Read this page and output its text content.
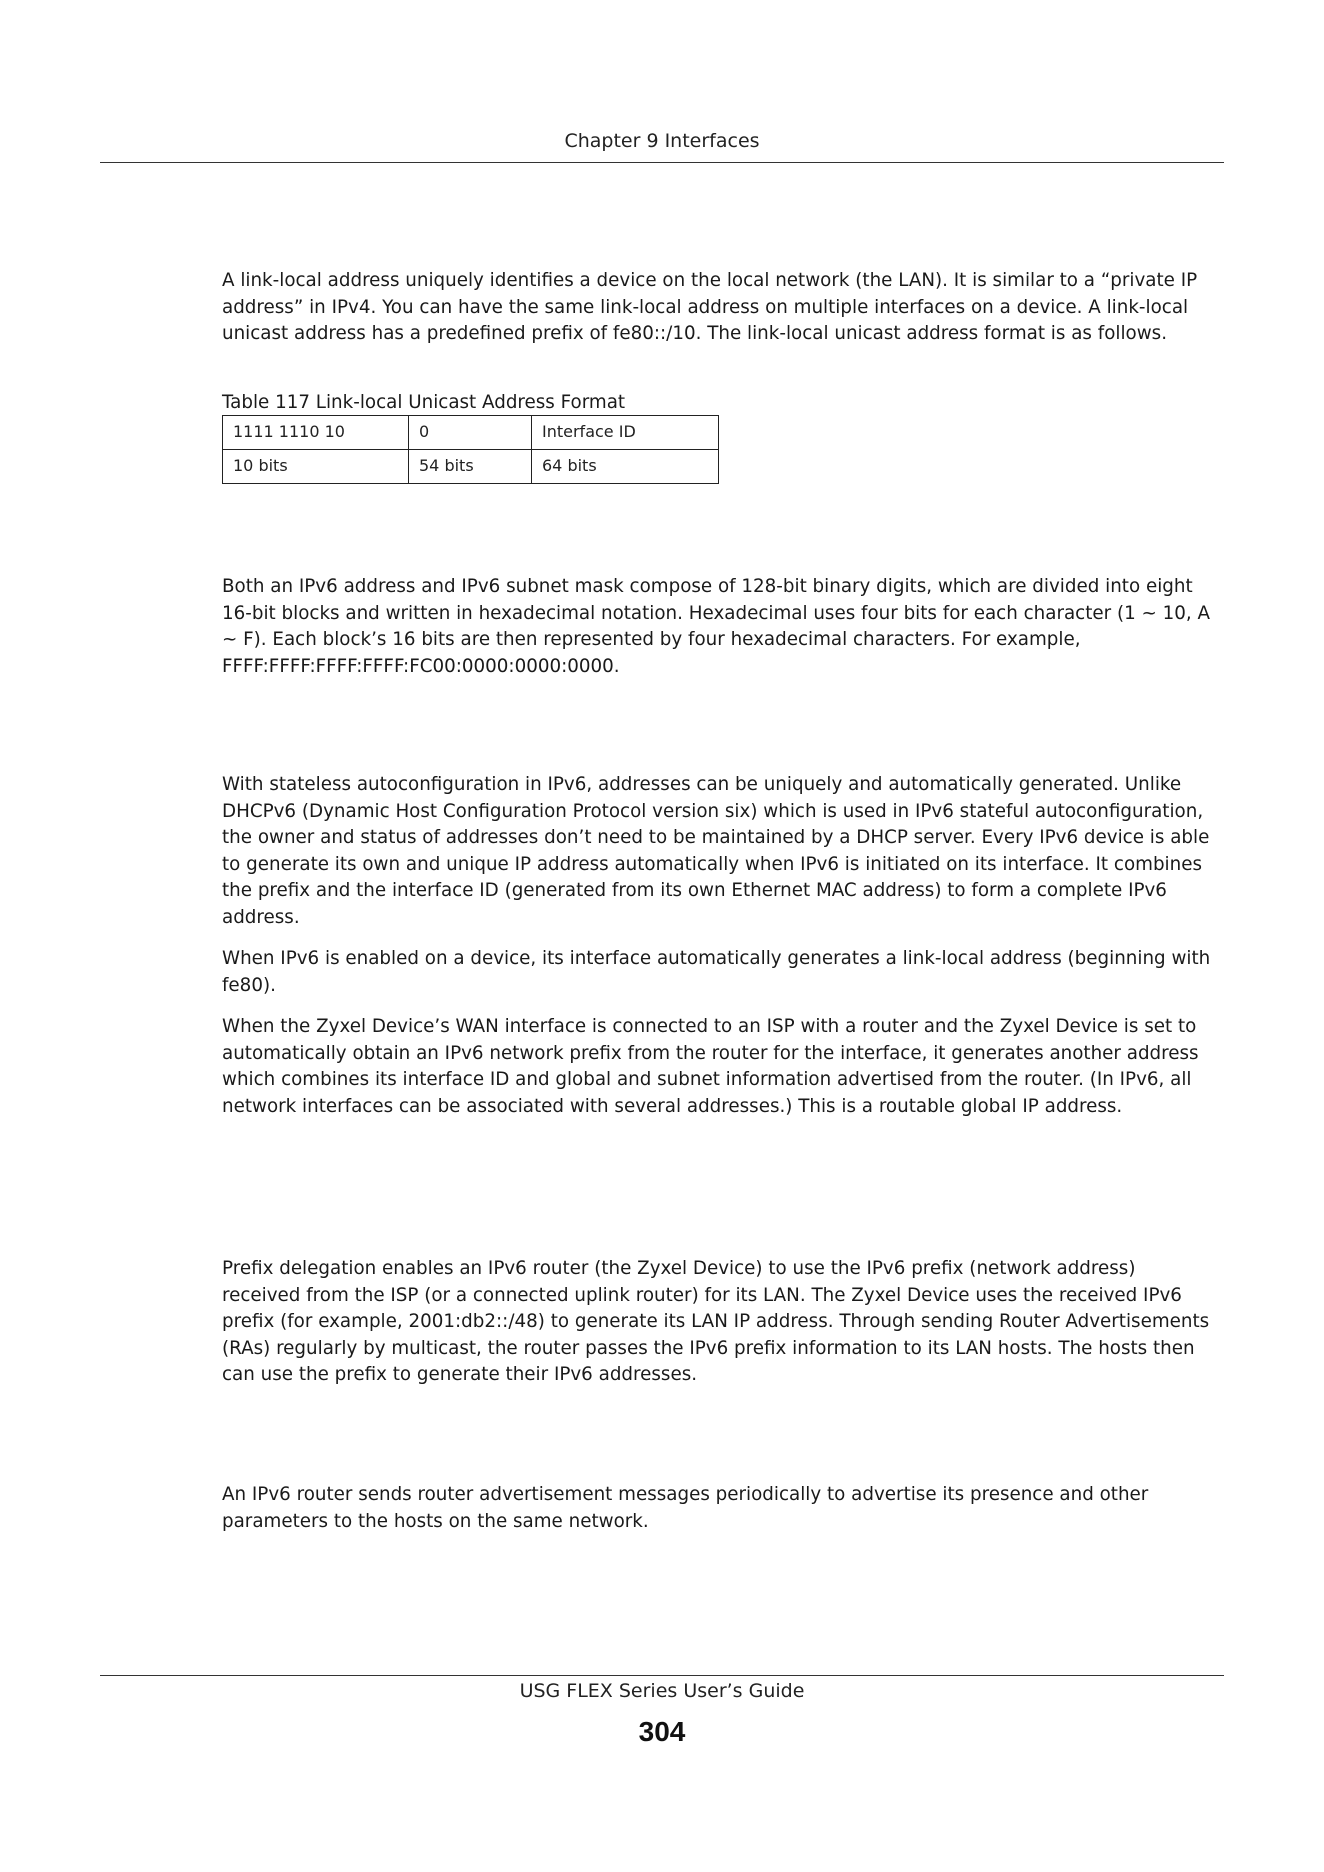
Chapter 9 Interfaces

A link-local address uniquely identifies a device on the local network (the LAN). It is similar to a “private IP address” in IPv4. You can have the same link-local address on multiple interfaces on a device. A link-local unicast address has a predefined prefix of fe80::/10. The link-local unicast address format is as follows.

Table 117 Link-local Unicast Address Format
1111 1110 10	0	Interface ID
10 bits	54 bits	64 bits

Both an IPv6 address and IPv6 subnet mask compose of 128-bit binary digits, which are divided into eight 16-bit blocks and written in hexadecimal notation. Hexadecimal uses four bits for each character (1 ~ 10, A ~ F). Each block’s 16 bits are then represented by four hexadecimal characters. For example, FFFF:FFFF:FFFF:FFFF:FC00:0000:0000:0000.

With stateless autoconfiguration in IPv6, addresses can be uniquely and automatically generated. Unlike DHCPv6 (Dynamic Host Configuration Protocol version six) which is used in IPv6 stateful autoconfiguration, the owner and status of addresses don’t need to be maintained by a DHCP server. Every IPv6 device is able to generate its own and unique IP address automatically when IPv6 is initiated on its interface. It combines the prefix and the interface ID (generated from its own Ethernet MAC address) to form a complete IPv6 address.

When IPv6 is enabled on a device, its interface automatically generates a link-local address (beginning with fe80).

When the Zyxel Device’s WAN interface is connected to an ISP with a router and the Zyxel Device is set to automatically obtain an IPv6 network prefix from the router for the interface, it generates another address which combines its interface ID and global and subnet information advertised from the router. (In IPv6, all network interfaces can be associated with several addresses.) This is a routable global IP address.

Prefix delegation enables an IPv6 router (the Zyxel Device) to use the IPv6 prefix (network address) received from the ISP (or a connected uplink router) for its LAN. The Zyxel Device uses the received IPv6 prefix (for example, 2001:db2::/48) to generate its LAN IP address. Through sending Router Advertisements (RAs) regularly by multicast, the router passes the IPv6 prefix information to its LAN hosts. The hosts then can use the prefix to generate their IPv6 addresses.

An IPv6 router sends router advertisement messages periodically to advertise its presence and other parameters to the hosts on the same network.

USG FLEX Series User’s Guide
304
